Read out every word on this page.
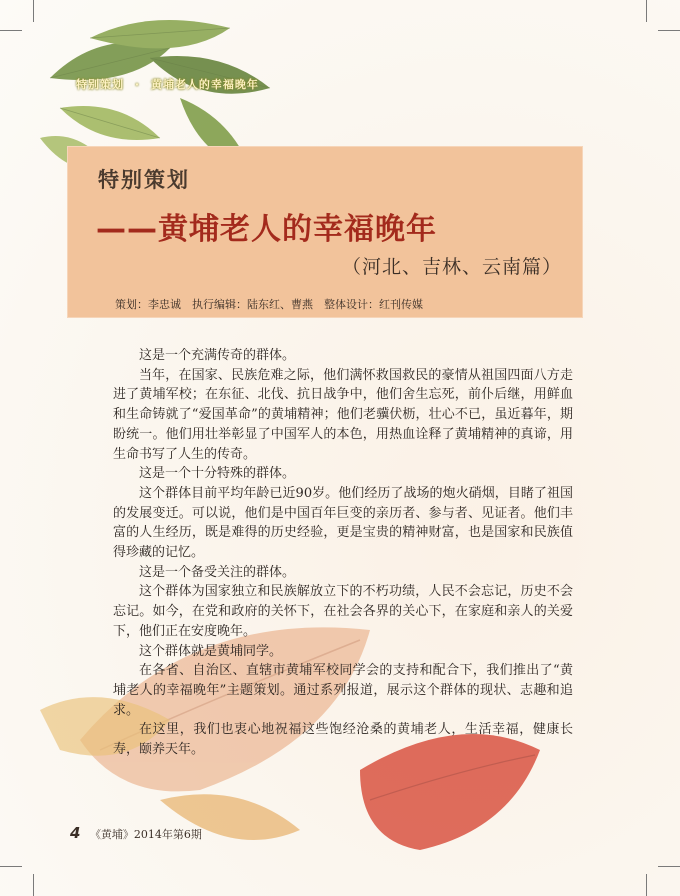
特别策划 · 黄埔老人的幸福晚年
特别策划
——黄埔老人的幸福晚年
（河北、吉林、云南篇）
策划：李忠诚　执行编辑：陆东红、曹燕　整体设计：红刊传媒

这是一个充满传奇的群体。

当年，在国家、民族危难之际，他们满怀救国救民的豪情从祖国四面八方走进了黄埔军校；在东征、北伐、抗日战争中，他们舍生忘死，前仆后继，用鲜血和生命铸就了“爱国革命”的黄埔精神；他们老骥伏枥，壮心不已，虽近暮年，期盼统一。他们用壮举彰显了中国军人的本色，用热血诠释了黄埔精神的真谛，用生命书写了人生的传奇。

这是一个十分特殊的群体。

这个群体目前平均年龄已近90岁。他们经历了战场的炮火硝烟，目睹了祖国的发展变迁。可以说，他们是中国百年巨变的亲历者、参与者、见证者。他们丰富的人生经历，既是难得的历史经验，更是宝贵的精神财富，也是国家和民族值得珍藏的记忆。

这是一个备受关注的群体。

这个群体为国家独立和民族解放立下的不朽功绩，人民不会忘记，历史不会忘记。如今，在党和政府的关怀下，在社会各界的关心下，在家庭和亲人的关爱下，他们正在安度晚年。

这个群体就是黄埔同学。

在各省、自治区、直辖市黄埔军校同学会的支持和配合下，我们推出了“黄埔老人的幸福晚年”主题策划。通过系列报道，展示这个群体的现状、志趣和追求。

在这里，我们也衷心地祝福这些饱经沧桑的黄埔老人，生活幸福，健康长寿，颐养天年。

4 《黄埔》2014年第6期
